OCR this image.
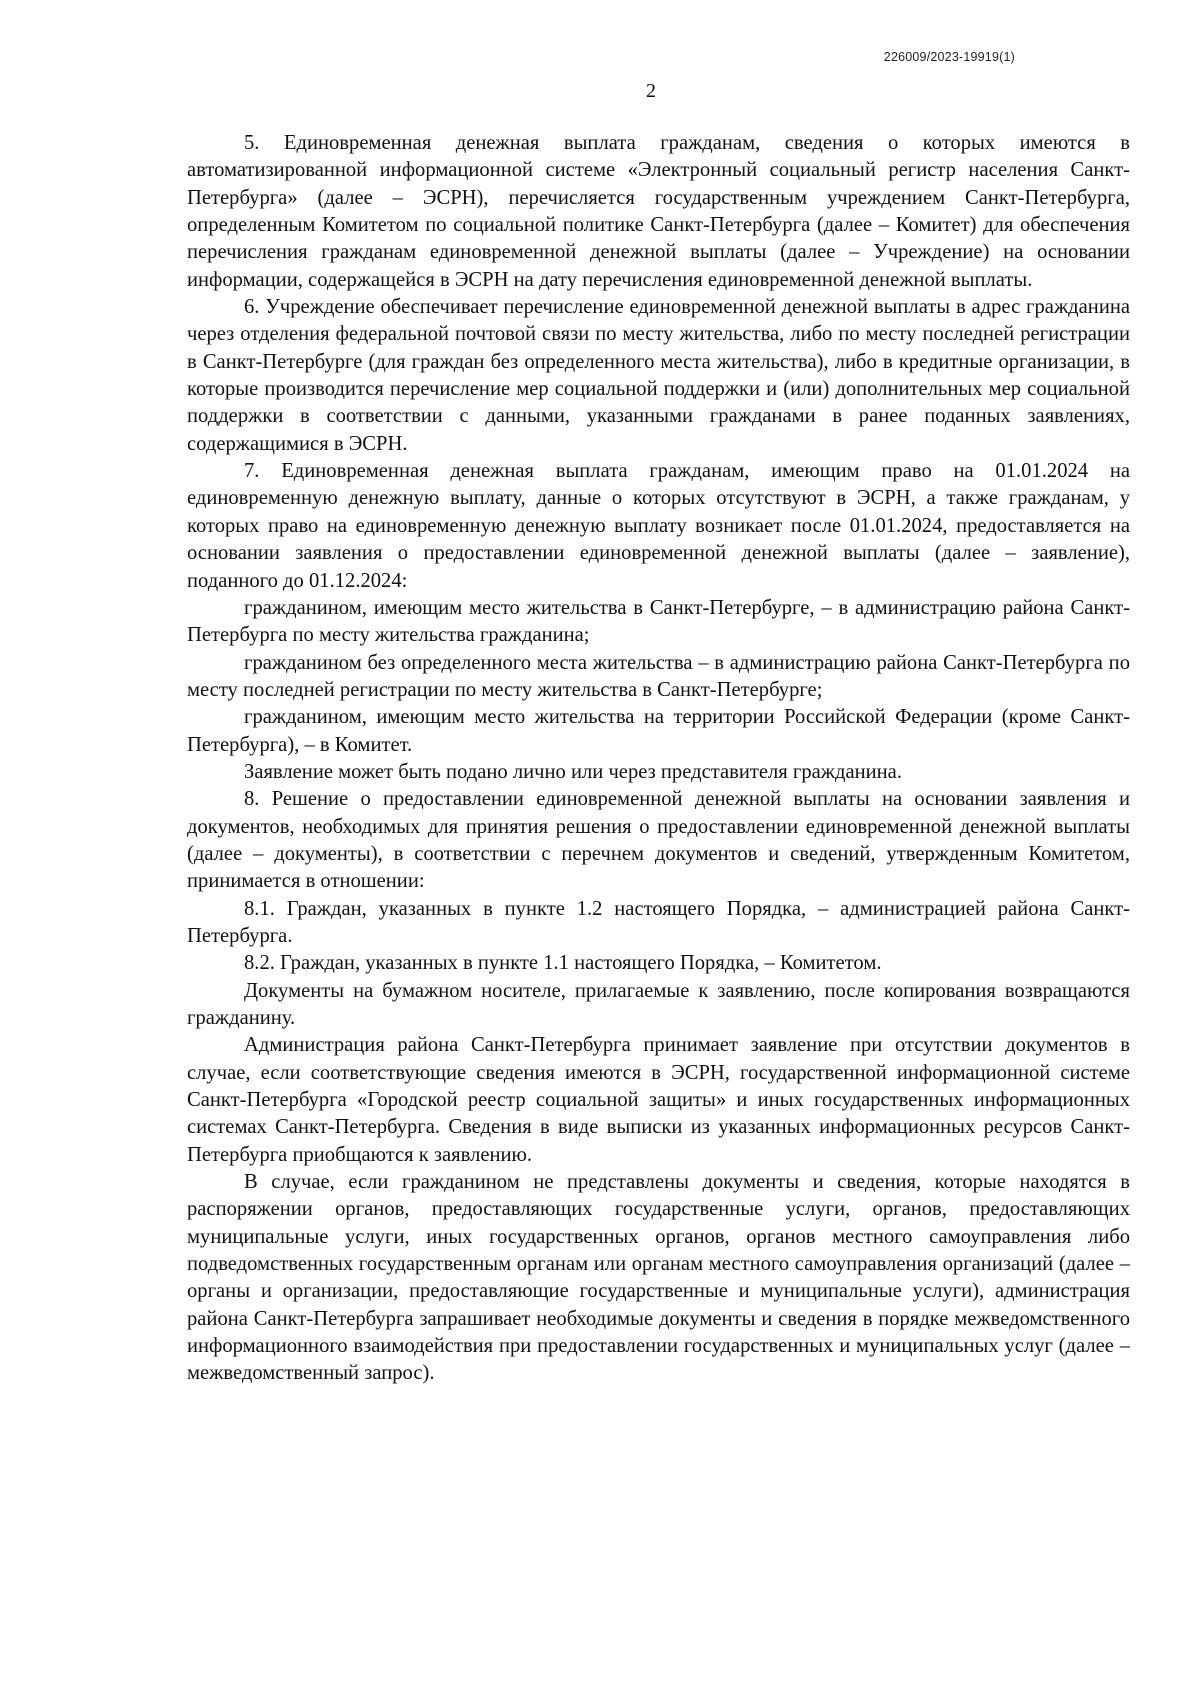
226009/2023-19919(1)
2

5. Единовременная денежная выплата гражданам, сведения о которых имеются в автоматизированной информационной системе «Электронный социальный регистр населения Санкт-Петербурга» (далее – ЭСРН), перечисляется государственным учреждением Санкт-Петербурга, определенным Комитетом по социальной политике Санкт-Петербурга (далее – Комитет) для обеспечения перечисления гражданам единовременной денежной выплаты (далее – Учреждение) на основании информации, содержащейся в ЭСРН на дату перечисления единовременной денежной выплаты.

6. Учреждение обеспечивает перечисление единовременной денежной выплаты в адрес гражданина через отделения федеральной почтовой связи по месту жительства, либо по месту последней регистрации в Санкт-Петербурге (для граждан без определенного места жительства), либо в кредитные организации, в которые производится перечисление мер социальной поддержки и (или) дополнительных мер социальной поддержки в соответствии с данными, указанными гражданами в ранее поданных заявлениях, содержащимися в ЭСРН.

7. Единовременная денежная выплата гражданам, имеющим право на 01.01.2024 на единовременную денежную выплату, данные о которых отсутствуют в ЭСРН, а также гражданам, у которых право на единовременную денежную выплату возникает после 01.01.2024, предоставляется на основании заявления о предоставлении единовременной денежной выплаты (далее – заявление), поданного до 01.12.2024:

гражданином, имеющим место жительства в Санкт-Петербурге, – в администрацию района Санкт-Петербурга по месту жительства гражданина;

гражданином без определенного места жительства – в администрацию района Санкт-Петербурга по месту последней регистрации по месту жительства в Санкт-Петербурге;

гражданином, имеющим место жительства на территории Российской Федерации (кроме Санкт-Петербурга), – в Комитет.

Заявление может быть подано лично или через представителя гражданина.

8. Решение о предоставлении единовременной денежной выплаты на основании заявления и документов, необходимых для принятия решения о предоставлении единовременной денежной выплаты (далее – документы), в соответствии с перечнем документов и сведений, утвержденным Комитетом, принимается в отношении:

8.1. Граждан, указанных в пункте 1.2 настоящего Порядка, – администрацией района Санкт-Петербурга.

8.2. Граждан, указанных в пункте 1.1 настоящего Порядка, – Комитетом.

Документы на бумажном носителе, прилагаемые к заявлению, после копирования возвращаются гражданину.

Администрация района Санкт-Петербурга принимает заявление при отсутствии документов в случае, если соответствующие сведения имеются в ЭСРН, государственной информационной системе Санкт-Петербурга «Городской реестр социальной защиты» и иных государственных информационных системах Санкт-Петербурга. Сведения в виде выписки из указанных информационных ресурсов Санкт-Петербурга приобщаются к заявлению.

В случае, если гражданином не представлены документы и сведения, которые находятся в распоряжении органов, предоставляющих государственные услуги, органов, предоставляющих муниципальные услуги, иных государственных органов, органов местного самоуправления либо подведомственных государственным органам или органам местного самоуправления организаций (далее – органы и организации, предоставляющие государственные и муниципальные услуги), администрация района Санкт-Петербурга запрашивает необходимые документы и сведения в порядке межведомственного информационного взаимодействия при предоставлении государственных и муниципальных услуг (далее – межведомственный запрос).
